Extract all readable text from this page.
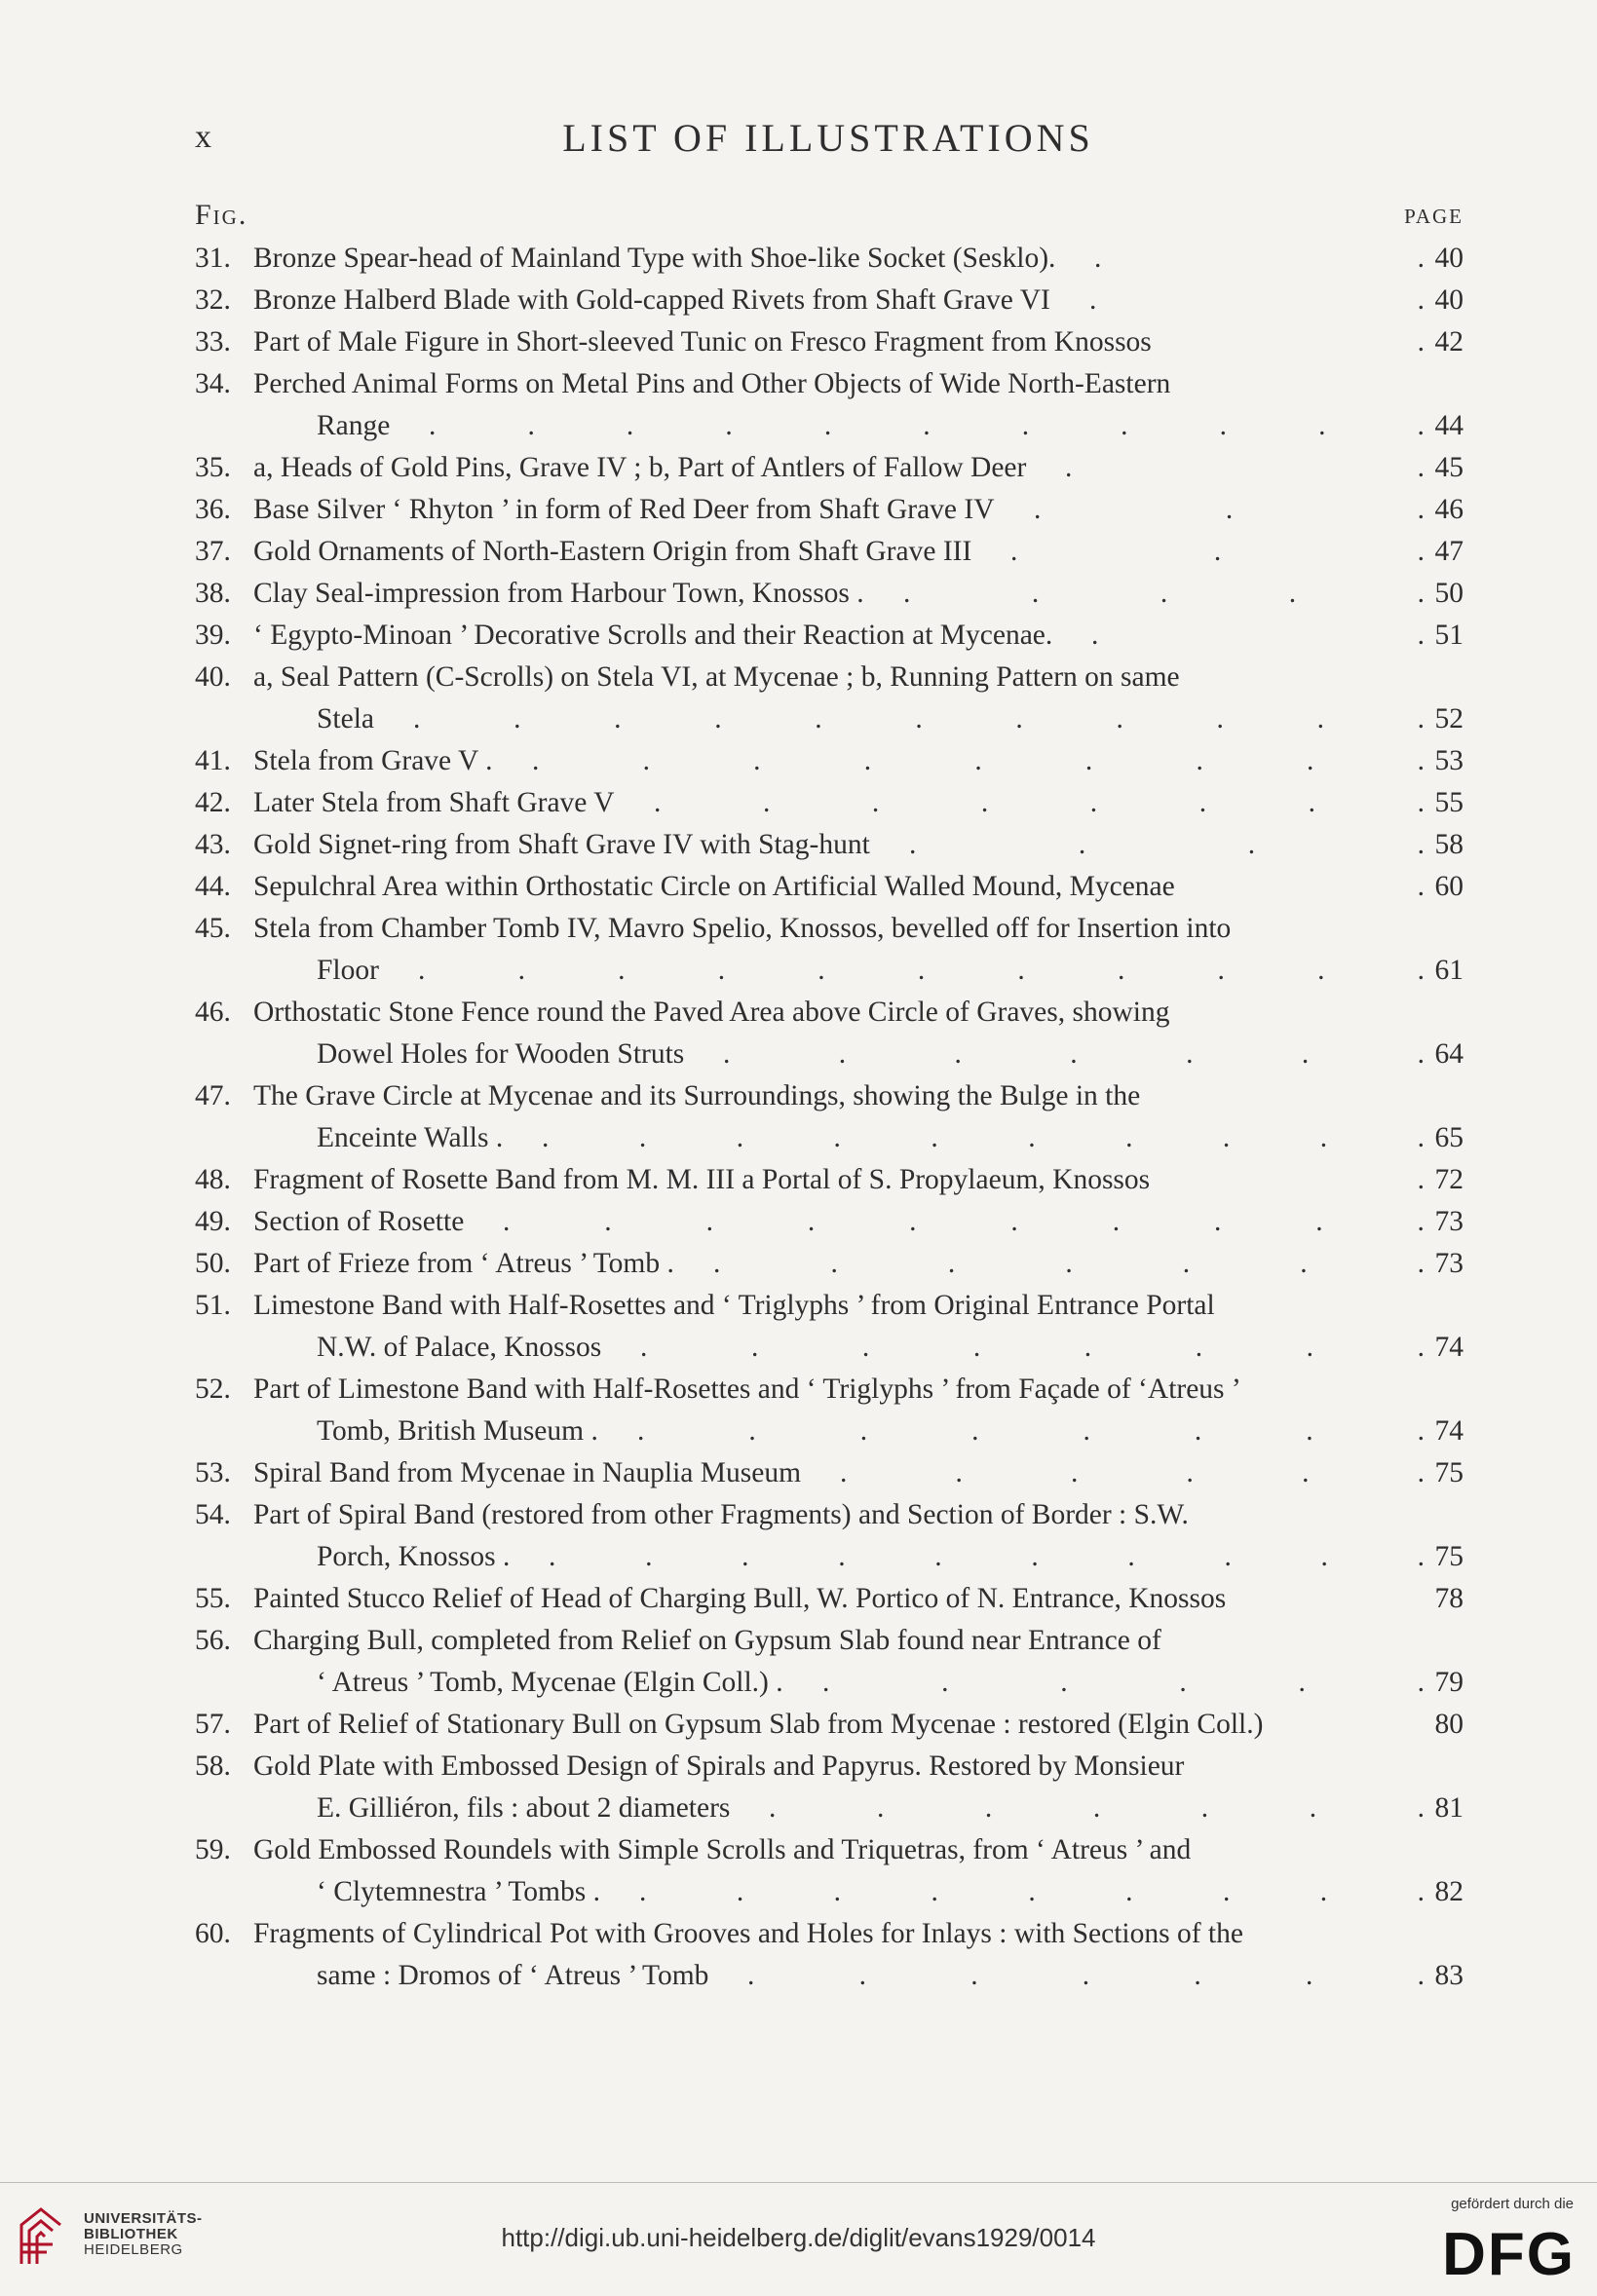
x	LIST OF ILLUSTRATIONS
Fig.	PAGE
31. Bronze Spear-head of Mainland Type with Shoe-like Socket (Sesklo). .	. 40
32. Bronze Halberd Blade with Gold-capped Rivets from Shaft Grave VI .	. 40
33. Part of Male Figure in Short-sleeved Tunic on Fresco Fragment from Knossos	. 42
34. Perched Animal Forms on Metal Pins and Other Objects of Wide North-Eastern
Range .	.	.	.	.	.	.	.	.	.	. 44
35. a, Heads of Gold Pins, Grave IV ; b, Part of Antlers of Fallow Deer .	. 45
36. Base Silver ‘ Rhyton ’ in form of Red Deer from Shaft Grave IV .	.	. 46
37. Gold Ornaments of North-Eastern Origin from Shaft Grave III .	.	. 47
38. Clay Seal-impression from Harbour Town, Knossos . .	.	.	.	. 50
39. ‘ Egypto-Minoan ’ Decorative Scrolls and their Reaction at Mycenae. .	. 51
40. a, Seal Pattern (C-Scrolls) on Stela VI, at Mycenae ; b, Running Pattern on same
Stela .	.	.	.	.	.	.	.	.	.	. 52
41. Stela from Grave V . .	.	.	.	.	.	.	.	. 53
42. Later Stela from Shaft Grave V .	.	.	.	.	.	.	. 55
43. Gold Signet-ring from Shaft Grave IV with Stag-hunt .	.	.	. 58
44. Sepulchral Area within Orthostatic Circle on Artificial Walled Mound, Mycenae	. 60
45. Stela from Chamber Tomb IV, Mavro Spelio, Knossos, bevelled off for Insertion into
Floor .	.	.	.	.	.	.	.	.	.	. 61
46. Orthostatic Stone Fence round the Paved Area above Circle of Graves, showing
Dowel Holes for Wooden Struts .	.	.	.	.	.	. 64
47. The Grave Circle at Mycenae and its Surroundings, showing the Bulge in the
Enceinte Walls . .	.	.	.	.	.	.	.	.	. 65
48. Fragment of Rosette Band from M. M. III a Portal of S. Propylaeum, Knossos	. 72
49. Section of Rosette .	.	.	.	.	.	.	.	.	. 73
50. Part of Frieze from ‘ Atreus ’ Tomb . .	.	.	.	.	.	. 73
51. Limestone Band with Half-Rosettes and ‘ Triglyphs ’ from Original Entrance Portal
N.W. of Palace, Knossos .	.	.	.	.	.	.	. 74
52. Part of Limestone Band with Half-Rosettes and ‘ Triglyphs ’ from Façade of ‘Atreus ’
Tomb, British Museum . .	.	.	.	.	.	.	. 74
53. Spiral Band from Mycenae in Nauplia Museum .	.	.	.	.	. 75
54. Part of Spiral Band (restored from other Fragments) and Section of Border : S.W.
Porch, Knossos . .	.	.	.	.	.	.	.	.	. 75
55. Painted Stucco Relief of Head of Charging Bull, W. Portico of N. Entrance, Knossos	78
56. Charging Bull, completed from Relief on Gypsum Slab found near Entrance of
‘ Atreus ’ Tomb, Mycenae (Elgin Coll.) . .	.	.	.	.	. 79
57. Part of Relief of Stationary Bull on Gypsum Slab from Mycenae : restored (Elgin Coll.)	80
58. Gold Plate with Embossed Design of Spirals and Papyrus. Restored by Monsieur
E. Gilliéron, fils : about 2 diameters .	.	.	.	.	.	. 81
59. Gold Embossed Roundels with Simple Scrolls and Triquetras, from ‘ Atreus ’ and
‘ Clytemnestra ’ Tombs . .	.	.	.	.	.	.	.	. 82
60. Fragments of Cylindrical Pot with Grooves and Holes for Inlays : with Sections of the
same : Dromos of ‘ Atreus ’ Tomb .	.	.	.	.	.	. 83
UNIVERSITÄTS-
BIBLIOTHEK
HEIDELBERG	http://digi.ub.uni-heidelberg.de/diglit/evans1929/0014
gefördert durch die
DFG
